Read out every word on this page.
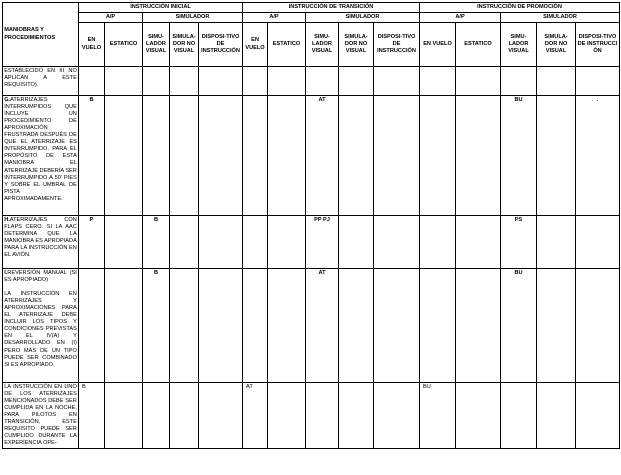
MANIOBRAS Y PROCEDIMIENTOS	INSTRUCCIÓN INICIAL					INSTRUCCIÓN DE TRANSICIÓN					INSTRUCCIÓN DE PROMOCIÓN				
	A/P		SIMULADOR			A/P		SIMULADOR			A/P		SIMULADOR		
	EN VUELO	ESTATICO	SIMU-LADOR VISUAL	SIMULA-DOR NO VISUAL	DISPOSI-TIVO DE INSTRUCCIÓN	EN VUELO	ESTATICO	SIMU-LADOR VISUAL	SIMULA-DOR NO VISUAL	DISPOSI-TIVO DE INSTRUCCIÓN	EN VUELO	ESTATICO	SIMU-LADOR VISUAL	SIMULA-DOR NO VISUAL	DISPOSI-TIVO DE INSTRUCCI ÓN
ESTABLECIDO EN III NO APLICAN A ESTE REQUISITO).															
G.ATERRIZAJES INTERRUMPIDOS QUE INCLUYE UN PROCEDIMIENTO DE APROXIMACIÓN FRUSTRADA DESPUÉS DE QUE EL ATERRIZAJE ES INTERRUMPIDO. PARA EL PROPÓSITO DE ESTA MANIOBRA EL ATERRIZAJE DEBERÍA SER INTERRUMPIDO A 50' PIES Y SOBRE EL UMBRAL DE PISTA APROXIMADAMENTE.	B							AT					BU		.
H.ATERRIZAJES CON FLAPS CERO. SI LA AAC DETERMINA QUE LA MANIOBRA ES APROPIADA PARA LA INSTRUCCIÓN EN EL AVIÓN.	P		B					PP PJ					PS		
I.REVERSIÓN MANUAL (SI ES APROPIADO)
LA INSTRUCCIÓN EN ATERRIZAJES Y APROXIMACIONES PARA EL ATERRIZAJE DEBE INCLUIR LOS TIPOS Y CONDICIONES PREVISTAS EN EL IV(A) Y DESARROLLADO EN (I) PERO MÁS DE UN TIPO PUEDE SER COMBINADO SI ES APROPIADO.			B					AT					BU		
LA INSTRUCCIÓN EN UNO DE LOS ATERRIZAJES MENCIONADOS DEBE SER CUMPLIDA EN LA NOCHE, PARA PILOTOS EN TRANSICIÓN, ESTE REQUISITO PUEDE SER CUMPLIDO DURANTE LA EXPERIENCIA OPE-	B					AT					BU				
